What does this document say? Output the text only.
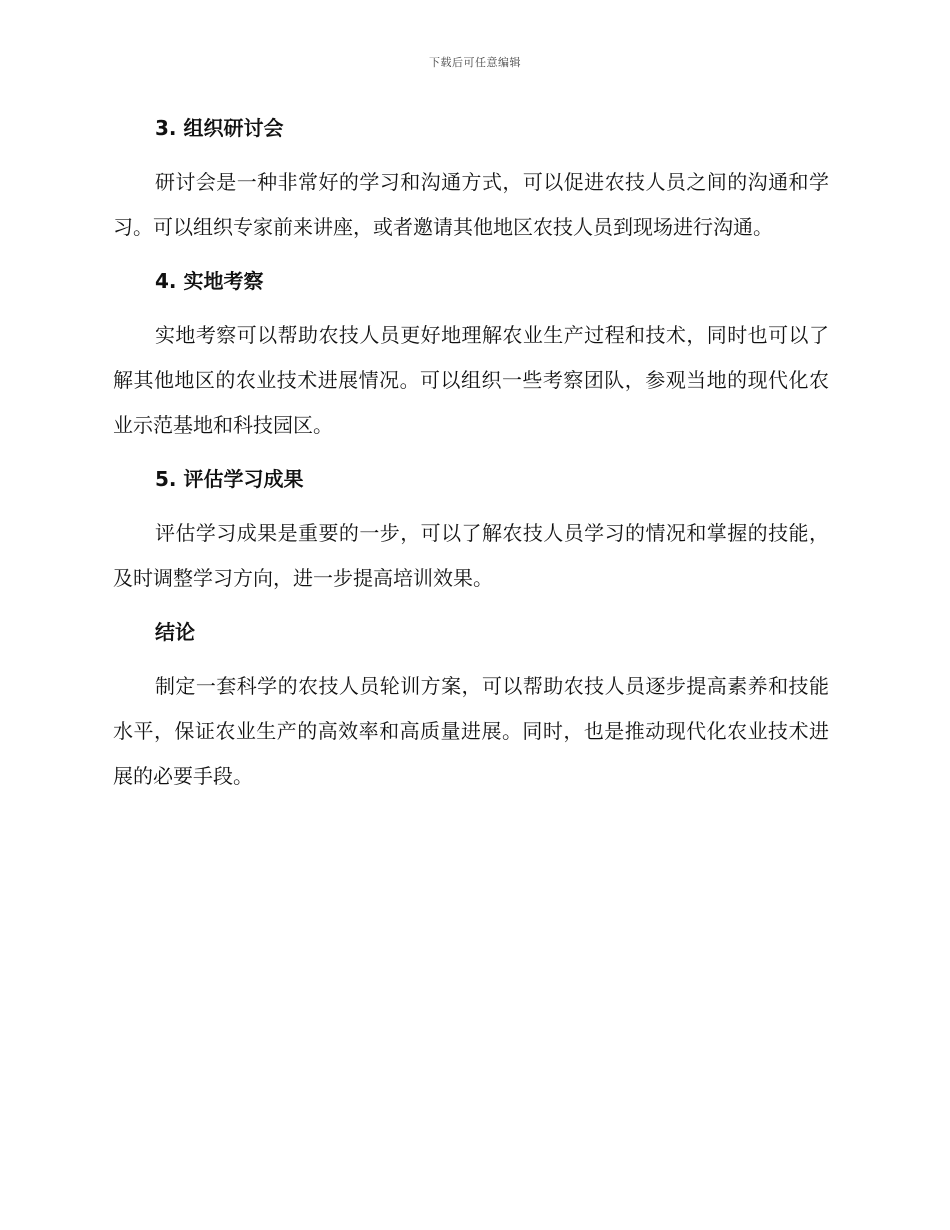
下载后可任意编辑
3. 组织研讨会

研讨会是一种非常好的学习和沟通方式，可以促进农技人员之间的沟通和学习。可以组织专家前来讲座，或者邀请其他地区农技人员到现场进行沟通。

4. 实地考察

实地考察可以帮助农技人员更好地理解农业生产过程和技术，同时也可以了解其他地区的农业技术进展情况。可以组织一些考察团队，参观当地的现代化农业示范基地和科技园区。

5. 评估学习成果

评估学习成果是重要的一步，可以了解农技人员学习的情况和掌握的技能，及时调整学习方向，进一步提高培训效果。

结论

制定一套科学的农技人员轮训方案，可以帮助农技人员逐步提高素养和技能水平，保证农业生产的高效率和高质量进展。同时，也是推动现代化农业技术进展的必要手段。
